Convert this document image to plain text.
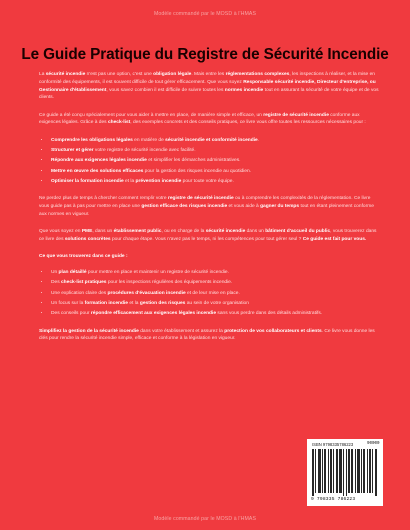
Modèle commandé par le MOSD à l'HMAS
Le Guide Pratique du Registre de Sécurité Incendie

La sécurité incendie n'est pas une option, c'est une obligation légale. Mais entre les réglementations complexes, les inspections à réaliser, et la mise en conformité des équipements, il est souvent difficile de tout gérer efficacement. Que vous soyez Responsable sécurité incendie, Directeur d'entreprise, ou Gestionnaire d'établissement, vous savez combien il est difficile de suivre toutes les normes incendie tout en assurant la sécurité de votre équipe et de vos clients.

Ce guide a été conçu spécialement pour vous aider à mettre en place, de manière simple et efficace, un registre de sécurité incendie conforme aux exigences légales. Grâce à des check-list, des exemples concrets et des conseils pratiques, ce livre vous offre toutes les ressources nécessaires pour :

• Comprendre les obligations légales en matière de sécurité incendie et conformité incendie.
• Structurer et gérer votre registre de sécurité incendie avec facilité.
• Répondre aux exigences légales incendie et simplifier les démarches administratives.
• Mettre en œuvre des solutions efficaces pour la gestion des risques incendie au quotidien.
• Optimiser la formation incendie et la prévention incendie pour toute votre équipe.

Ne perdez plus de temps à chercher comment remplir votre registre de sécurité incendie ou à comprendre les complexités de la réglementation. Ce livre vous guide pas à pas pour mettre en place une gestion efficace des risques incendie et vous aide à gagner du temps tout en étant pleinement conforme aux normes en vigueur.

Que vous soyez en PME, dans un établissement public, ou en charge de la sécurité incendie dans un bâtiment d'accueil du public, vous trouverez dans ce livre des solutions concrètes pour chaque étape. Vous n'avez pas le temps, ni les compétences pour tout gérer seul ? Ce guide est fait pour vous.

Ce que vous trouverez dans ce guide :
• Un plan détaillé pour mettre en place et maintenir un registre de sécurité incendie.
• Des check-list pratiques pour les inspections régulières des équipements incendie.
• Une explication claire des procédures d'évacuation incendie et de leur mise en place.
• Un focus sur la formation incendie et la gestion des risques au sein de votre organisation
• Des conseils pour répondre efficacement aux exigences légales incendie sans vous perdre dans des détails administratifs.

Simplifiez la gestion de la sécurité incendie dans votre établissement et assurez la protection de vos collaborateurs et clients. Ce livre vous donne les clés pour rendre la sécurité incendie simple, efficace et conforme à la législation en vigueur.

ISBN 9798335786223	90000
9 798335 786223
Modèle commandé par le MOSD à l'HMAS
